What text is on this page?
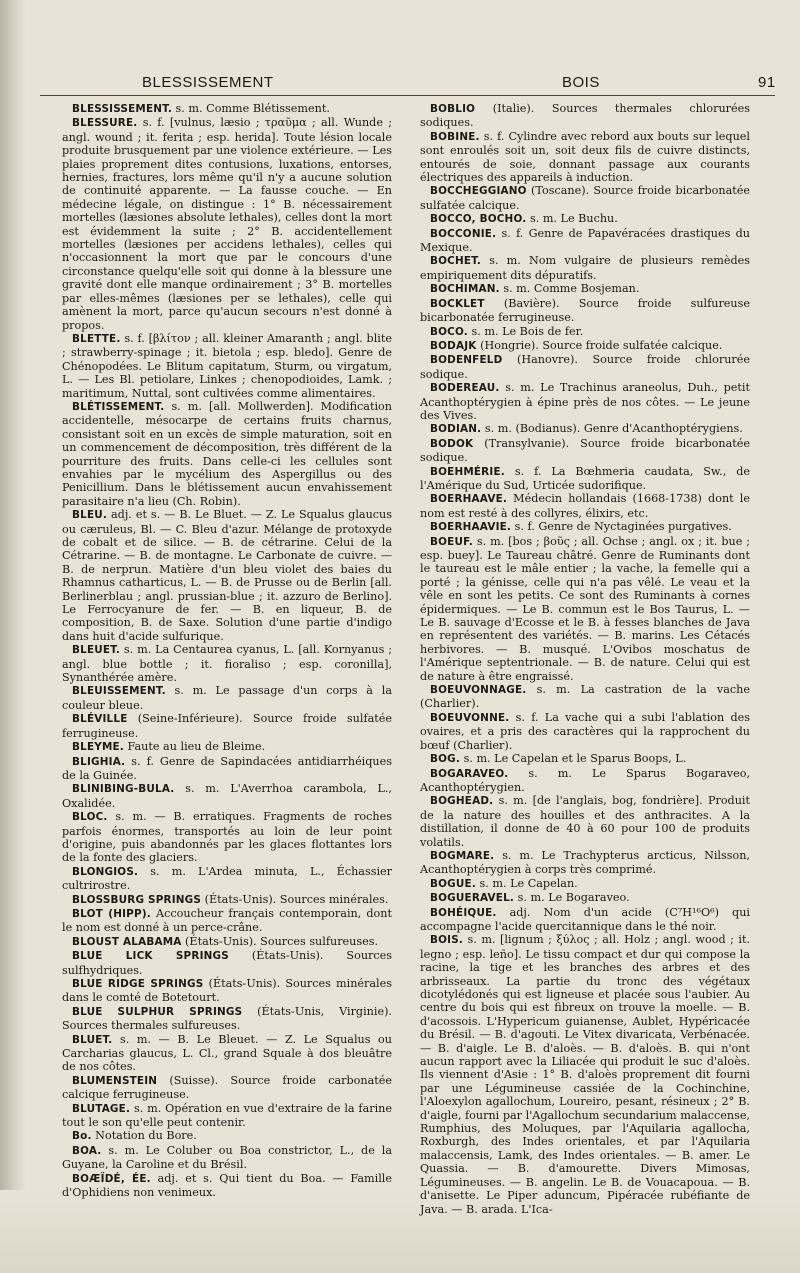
BLESSISSEMENT	BOIS	91

BLESSISSEMENT. s. m. Comme Blétissement.

BLESSURE. s. f. [vulnus, læsio ; τραῦμα ; all. Wunde ; angl. wound ; it. ferita ; esp. herida]. Toute lésion locale produite brusquement par une violence extérieure. — Les plaies proprement dites contusions, luxations, entorses, hernies, fractures, lors même qu'il n'y a aucune solution de continuité apparente. — La fausse couche. — En médecine légale, on distingue : 1° B. nécessairement mortelles (læsiones absolute lethales), celles dont la mort est évidemment la suite ; 2° B. accidentellement mortelles (læsiones per accidens lethales), celles qui n'occasionnent la mort que par le concours d'une circonstance quelqu'elle soit qui donne à la blessure une gravité dont elle manque ordinairement ; 3° B. mortelles par elles-mêmes (læsiones per se lethales), celle qui amènent la mort, parce qu'aucun secours n'est donné à propos.

BLETTE. s. f. [βλίτον ; all. kleiner Amaranth ; angl. blite ; strawberry-spinage ; it. bietola ; esp. bledo]. Genre de Chénopodées. Le Blitum capitatum, Sturm, ou virgatum, L. — Les Bl. petiolare, Linkes ; chenopodioides, Lamk. ; maritimum, Nuttal, sont cultivées comme alimentaires.

BLÉTISSEMENT. s. m. [all. Mollwerden]. Modification accidentelle, mésocarpe de certains fruits charnus, consistant soit en un excès de simple maturation, soit en un commencement de décomposition, très différent de la pourriture des fruits. Dans celle-ci les cellules sont envahies par le mycélium des Aspergillus ou des Penicillium. Dans le blétissement aucun envahissement parasitaire n'a lieu (Ch. Robin).

BLEU. adj. et s. — B. Le Bluet. — Z. Le Squalus glaucus ou cæruleus, Bl. — C. Bleu d'azur. Mélange de protoxyde de cobalt et de silice. — B. de cétrarine. Celui de la Cétrarine. — B. de montagne. Le Carbonate de cuivre. — B. de nerprun. Matière d'un bleu violet des baies du Rhamnus catharticus, L. — B. de Prusse ou de Berlin [all. Berlinerblau ; angl. prussian-blue ; it. azzuro de Berlino]. Le Ferrocyanure de fer. — B. en liqueur, B. de composition, B. de Saxe. Solution d'une partie d'indigo dans huit d'acide sulfurique.

BLEUET. s. m. La Centaurea cyanus, L. [all. Kornyanus ; angl. blue bottle ; it. fioraliso ; esp. coronilla], Synanthérée amère.

BLEUISSEMENT. s. m. Le passage d'un corps à la couleur bleue.

BLÉVILLE (Seine-Inférieure). Source froide sulfatée ferrugineuse.

BLEYME. Faute au lieu de Bleime.

BLIGHIA. s. f. Genre de Sapindacées antidiarrhéiques de la Guinée.

BLINIBING-BULA. s. m. L'Averrhoa carambola, L., Oxalidée.

BLOC. s. m. — B. erratiques. Fragments de roches parfois énormes, transportés au loin de leur point d'origine, puis abandonnés par les glaces flottantes lors de la fonte des glaciers.

BLONGIOS. s. m. L'Ardea minuta, L., Échassier cultrirostre.

BLOSSBURG SPRINGS (États-Unis). Sources minérales.

BLOT (HIPP). Accoucheur français contemporain, dont le nom est donné à un perce-crâne.

BLOUST ALABAMA (États-Unis). Sources sulfureuses.

BLUE LICK SPRINGS (États-Unis). Sources sulfhydriques.

BLUE RIDGE SPRINGS (États-Unis). Sources minérales dans le comté de Botetourt.

BLUE SULPHUR SPRINGS (États-Unis, Virginie). Sources thermales sulfureuses.

BLUET. s. m. — B. Le Bleuet. — Z. Le Squalus ou Carcharias glaucus, L. Cl., grand Squale à dos bleuâtre de nos côtes.

BLUMENSTEIN (Suisse). Source froide carbonatée calcique ferrugineuse.

BLUTAGE. s. m. Opération en vue d'extraire de la farine tout le son qu'elle peut contenir.

Bo. Notation du Bore.

BOA. s. m. Le Coluber ou Boa constrictor, L., de la Guyane, la Caroline et du Brésil.

BOÆÏDÉ, ÉE. adj. et s. Qui tient du Boa. — Famille d'Ophidiens non venimeux.

BOBLIO (Italie). Sources thermales chlorurées sodiques.

BOBINE. s. f. Cylindre avec rebord aux bouts sur lequel sont enroulés soit un, soit deux fils de cuivre distincts, entourés de soie, donnant passage aux courants électriques des appareils à induction.

BOCCHEGGIANO (Toscane). Source froide bicarbonatée sulfatée calcique.

BOCCO, BOCHO. s. m. Le Buchu.

BOCCONIE. s. f. Genre de Papavéracées drastiques du Mexique.

BOCHET. s. m. Nom vulgaire de plusieurs remèdes empiriquement dits dépuratifs.

BOCHIMAN. s. m. Comme Bosjeman.

BOCKLET (Bavière). Source froide sulfureuse bicarbonatée ferrugineuse.

BOCO. s. m. Le Bois de fer.

BODAJK (Hongrie). Source froide sulfatée calcique.

BODENFELD (Hanovre). Source froide chlorurée sodique.

BODEREAU. s. m. Le Trachinus araneolus, Duh., petit Acanthoptérygien à épine près de nos côtes. — Le jeune des Vives.

BODIAN. s. m. (Bodianus). Genre d'Acanthoptérygiens.

BODOK (Transylvanie). Source froide bicarbonatée sodique.

BOEHMÉRIE. s. f. La Bœhmeria caudata, Sw., de l'Amérique du Sud, Urticée sudorifique.

BOERHAAVE. Médecin hollandais (1668-1738) dont le nom est resté à des collyres, élixirs, etc.

BOERHAAVIE. s. f. Genre de Nyctaginées purgatives.

BOEUF. s. m. [bos ; βοῦς ; all. Ochse ; angl. ox ; it. bue ; esp. buey]. Le Taureau châtré. Genre de Ruminants dont le taureau est le mâle entier ; la vache, la femelle qui a porté ; la génisse, celle qui n'a pas vêlé. Le veau et la vêle en sont les petits. Ce sont des Ruminants à cornes épidermiques. — Le B. commun est le Bos Taurus, L. — Le B. sauvage d'Ecosse et le B. à fesses blanches de Java en représentent des variétés. — B. marins. Les Cétacés herbivores. — B. musqué. L'Ovibos moschatus de l'Amérique septentrionale. — B. de nature. Celui qui est de nature à être engraissé.

BOEUVONNAGE. s. m. La castration de la vache (Charlier).

BOEUVONNE. s. f. La vache qui a subi l'ablation des ovaires, et a pris des caractères qui la rapprochent du bœuf (Charlier).

BOG. s. m. Le Capelan et le Sparus Boops, L.

BOGARAVEO. s. m. Le Sparus Bogaraveo, Acanthoptérygien.

BOGHEAD. s. m. [de l'anglais, bog, fondrière]. Produit de la nature des houilles et des anthracites. A la distillation, il donne de 40 à 60 pour 100 de produits volatils.

BOGMARE. s. m. Le Trachypterus arcticus, Nilsson, Acanthoptérygien à corps très comprimé.

BOGUE. s. m. Le Capelan.

BOGUERAVEL. s. m. Le Bogaraveo.

BOHÉIQUE. adj. Nom d'un acide (C⁷H¹⁶O⁶) qui accompagne l'acide quercitannique dans le thé noir.

BOIS. s. m. [lignum ; ξύλος ; all. Holz ; angl. wood ; it. legno ; esp. leño]. Le tissu compact et dur qui compose la racine, la tige et les branches des arbres et des arbrisseaux. La partie du tronc des végétaux dicotylédonés qui est ligneuse et placée sous l'aubier. Au centre du bois qui est fibreux on trouve la moelle. — B. d'acossois. L'Hypericum guianense, Aublet, Hypéricacée du Brésil. — B. d'agouti. Le Vitex divaricata, Verbénacée. — B. d'aigle. Le B. d'aloès. — B. d'aloès. B. qui n'ont aucun rapport avec la Liliacée qui produit le suc d'aloès. Ils viennent d'Asie : 1° B. d'aloès proprement dit fourni par une Légumineuse cassiée de la Cochinchine, l'Aloexylon agallochum, Loureiro, pesant, résineux ; 2° B. d'aigle, fourni par l'Agallochum secundarium malaccense, Rumphius, des Moluques, par l'Aquilaria agallocha, Roxburgh, des Indes orientales, et par l'Aquilaria malaccensis, Lamk, des Indes orientales. — B. amer. Le Quassia. — B. d'amourette. Divers Mimosas, Légumineuses. — B. angelin. Le B. de Vouacapoua. — B. d'anisette. Le Piper aduncum, Pipéracée rubéfiante de Java. — B. arada. L'Ica-
